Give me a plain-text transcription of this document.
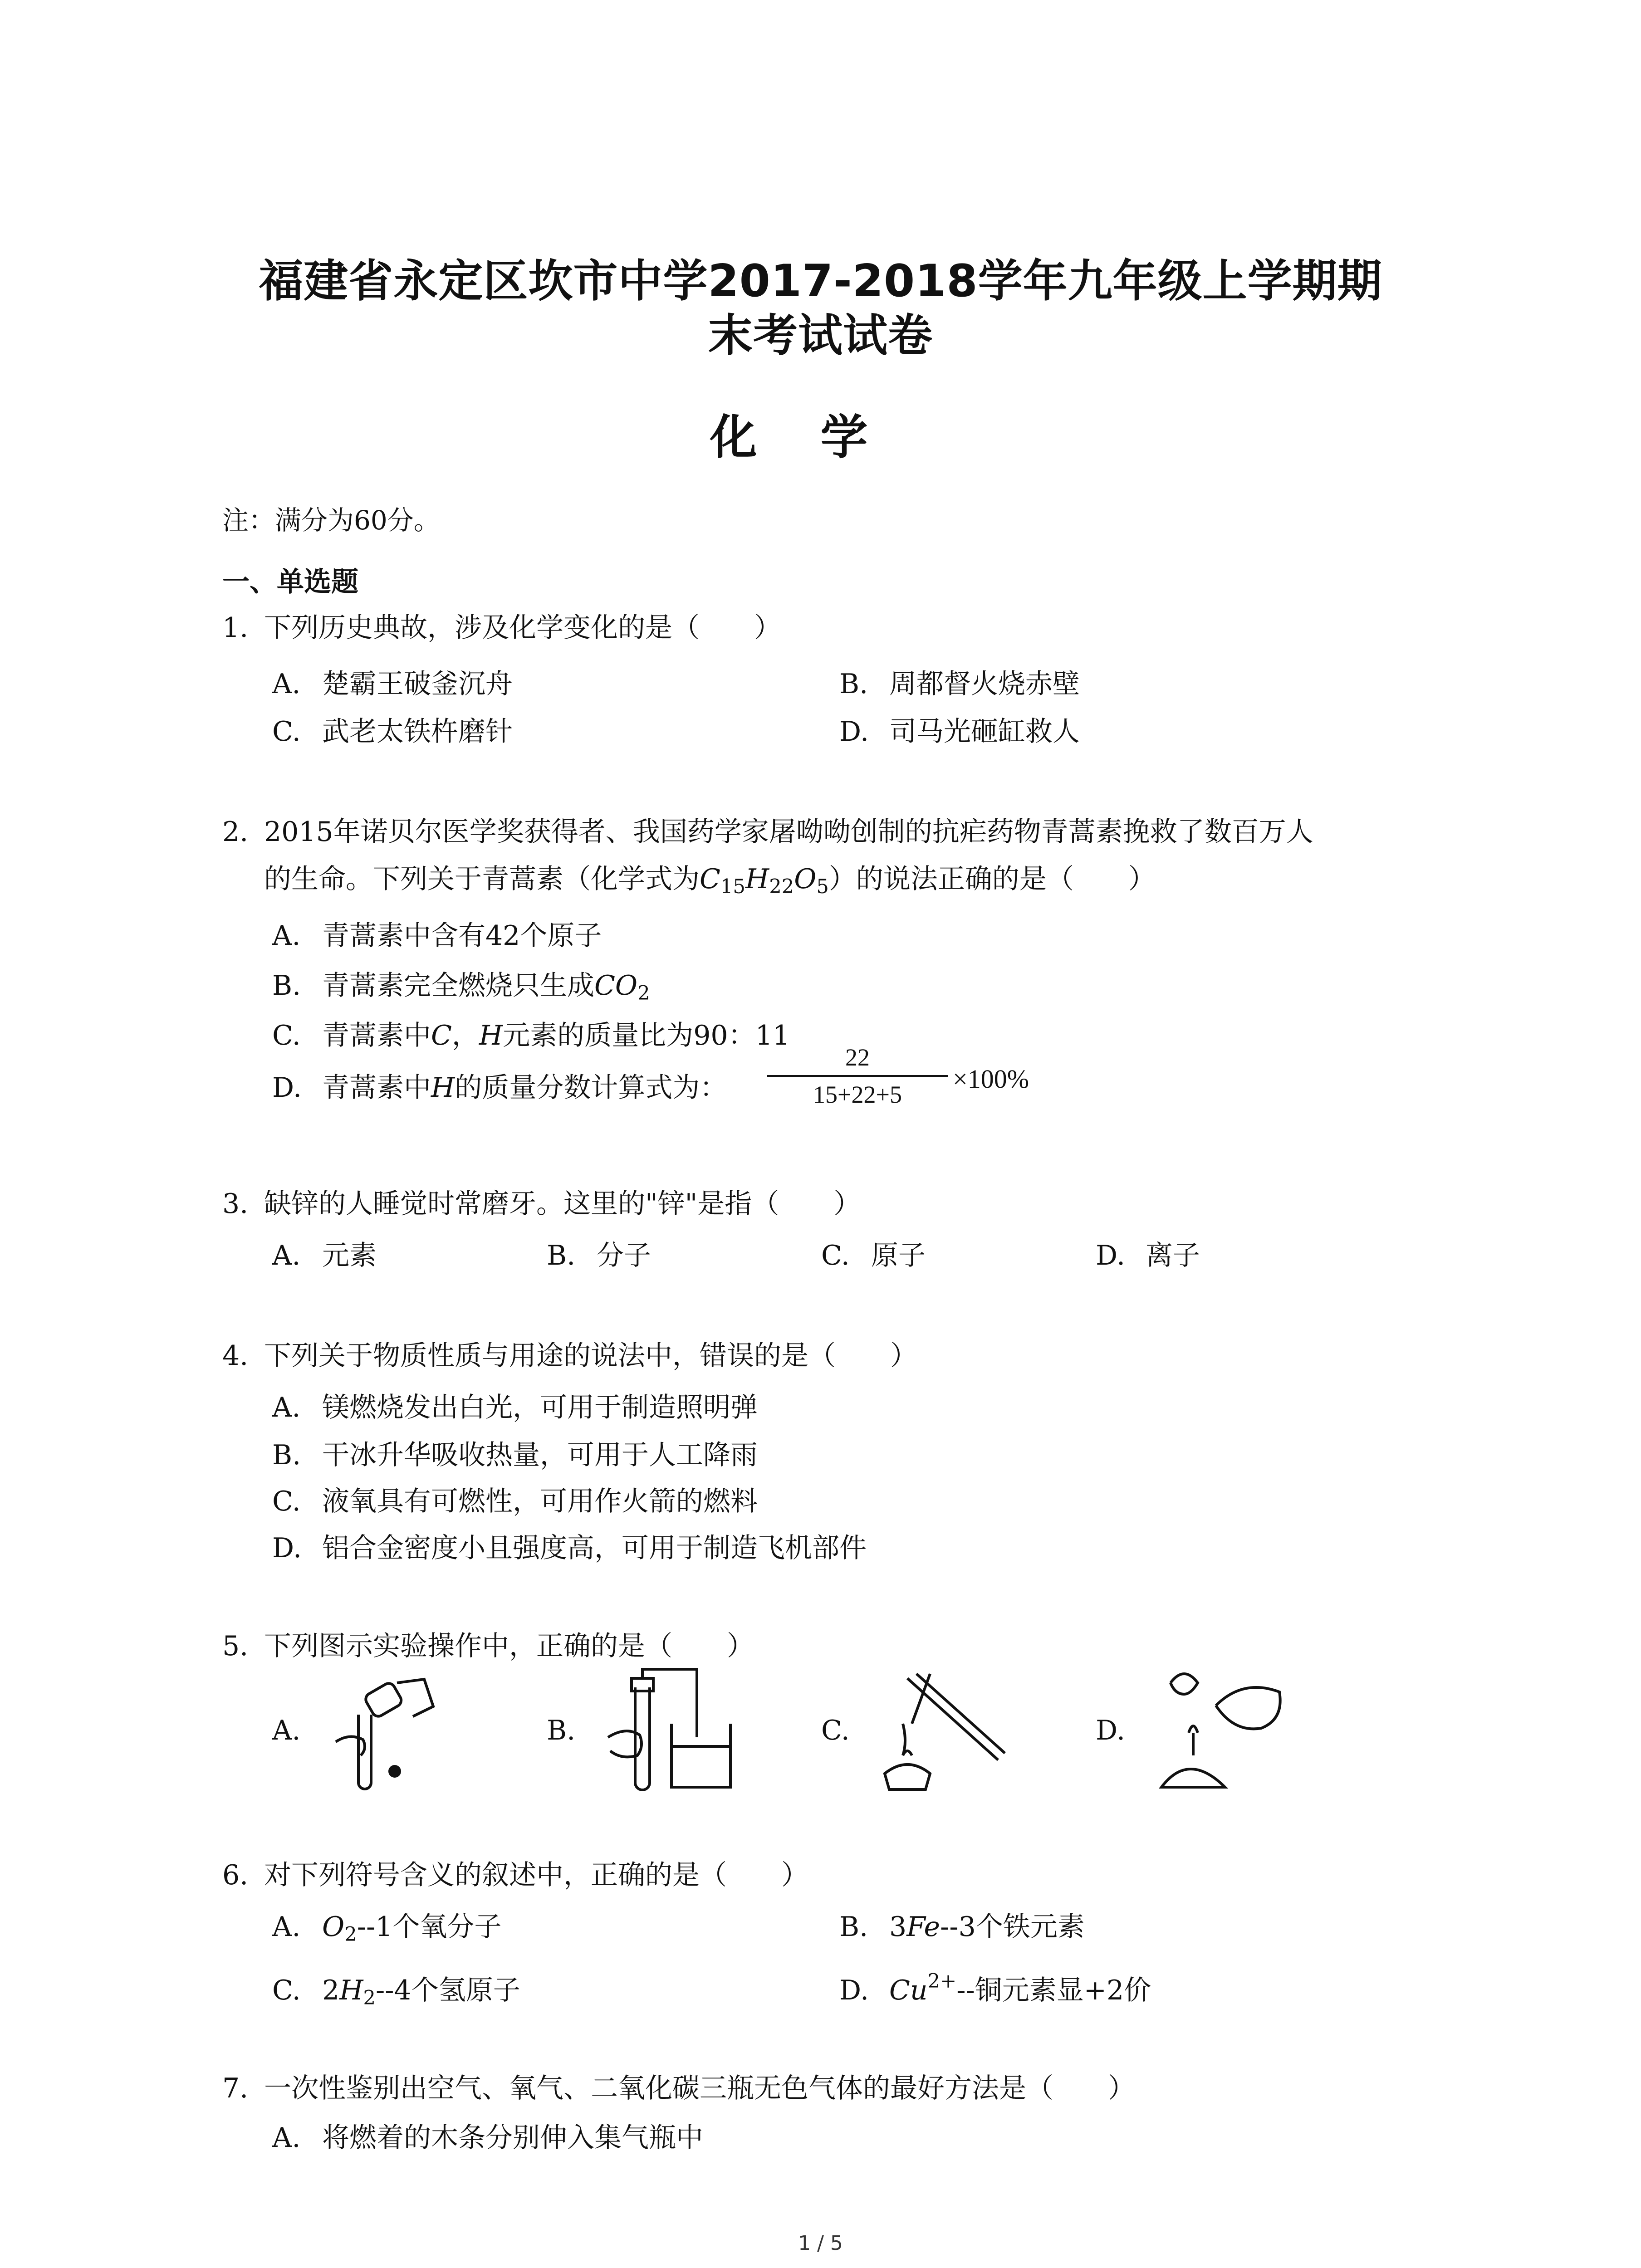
福建省永定区坎市中学2017-2018学年九年级上学期期
末考试试卷
化学
注：满分为60分。
一、单选题
1. 下列历史典故，涉及化学变化的是（　　）
A. 楚霸王破釜沉舟	B. 周都督火烧赤壁
C. 武老太铁杵磨针	D. 司马光砸缸救人
2. 2015年诺贝尔医学奖获得者、我国药学家屠呦呦创制的抗疟药物青蒿素挽救了数百万人
的生命。下列关于青蒿素（化学式为$C_{15}H_{22}O_5$）的说法正确的是（　　）
A. 青蒿素中含有42个原子
B. 青蒿素完全燃烧只生成$CO_2$
C. 青蒿素中C，H元素的质量比为90：11
D. 青蒿素中H的质量分数计算式为： $\frac{22}{15+22+5} \times 100\%$
3. 缺锌的人睡觉时常磨牙。这里的"锌"是指（　　）
A. 元素	B. 分子	C. 原子	D. 离子
4. 下列关于物质性质与用途的说法中，错误的是（　　）
A. 镁燃烧发出白光，可用于制造照明弹
B. 干冰升华吸收热量，可用于人工降雨
C. 液氧具有可燃性，可用作火箭的燃料
D. 铝合金密度小且强度高，可用于制造飞机部件
5. 下列图示实验操作中，正确的是（　　）
A.	B.	C.	D.
6. 对下列符号含义的叙述中，正确的是（　　）
A. $O_2--1$个氧分子	B. 3Fe--3个铁元素
C. $2H_2--4$个氢原子	D. $Cu^{2+}--$铜元素显+2价
7. 一次性鉴别出空气、氧气、二氧化碳三瓶无色气体的最好方法是（　　）
A. 将燃着的木条分别伸入集气瓶中
1 / 5
